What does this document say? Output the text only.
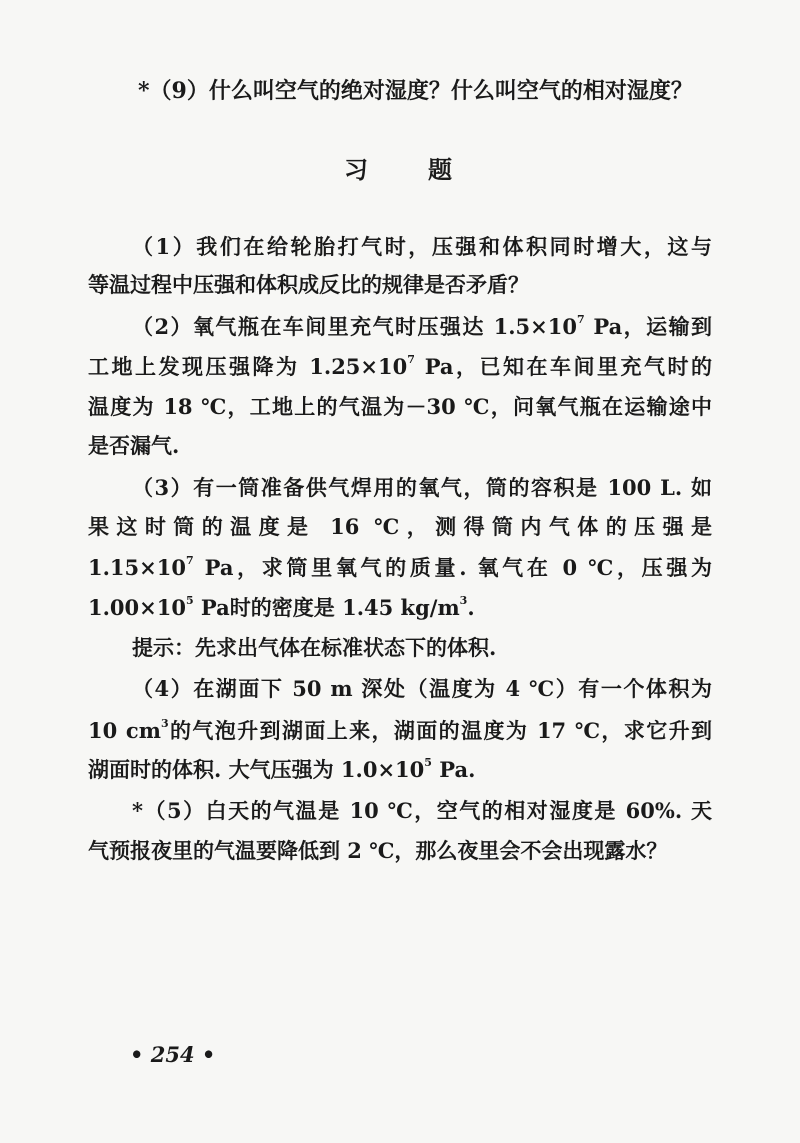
*（9）什么叫空气的绝对湿度？什么叫空气的相对湿度？
习　　题
（1）我们在给轮胎打气时，压强和体积同时增大，这与
等温过程中压强和体积成反比的规律是否矛盾？
（2）氧气瓶在车间里充气时压强达 $1.5\times 10^7$ Pa，运输到
工地上发现压强降为 $1.25\times 10^7$ Pa，已知在车间里充气时的
温度为 18 ℃，工地上的气温为－30 ℃，问氧气瓶在运输途中
是否漏气.
（3）有一筒准备供气焊用的氧气，筒的容积是 100 L. 如
果这时筒的温度是 16 ℃，测得筒内气体的压强是
$1.15\times 10^7$ Pa，求筒里氧气的质量. 氧气在 0 ℃，压强为
$1.00\times 10^5$ Pa时的密度是 1.45 $kg/m^3$.
提示：先求出气体在标准状态下的体积.
（4）在湖面下 50 m 深处（温度为 4 ℃）有一个体积为
10 $cm^3$的气泡升到湖面上来，湖面的温度为 17 ℃，求它升到
湖面时的体积. 大气压强为 $1.0\times 10^5$ Pa.
*（5）白天的气温是 10 ℃，空气的相对湿度是 60%. 天
气预报夜里的气温要降低到 2 ℃，那么夜里会不会出现露水？
• 254 •
